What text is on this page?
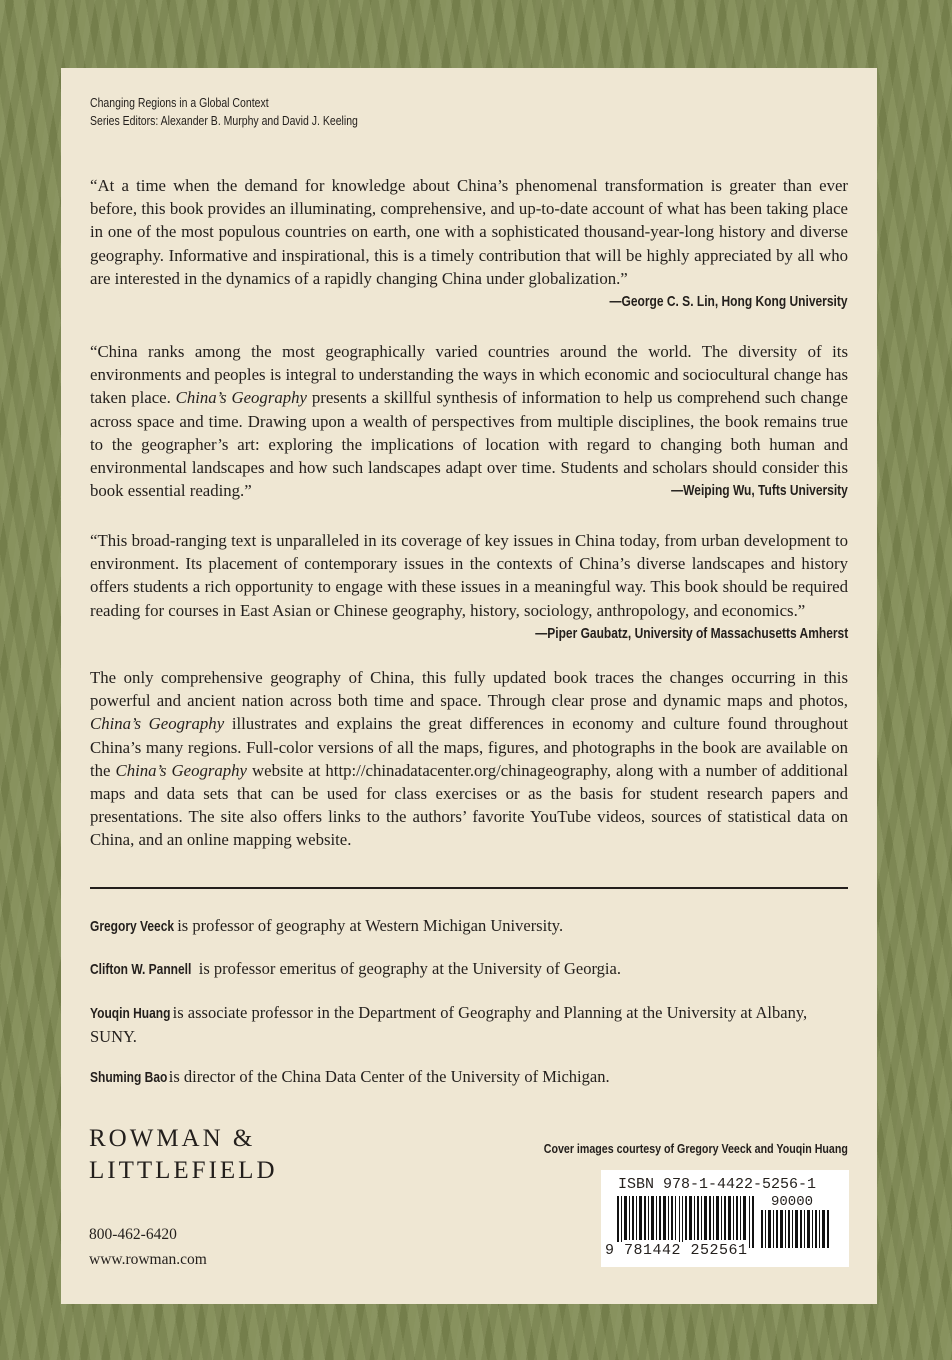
Changing Regions in a Global Context
Series Editors: Alexander B. Murphy and David J. Keeling
“At a time when the demand for knowledge about China’s phenomenal transformation is greater than ever before, this book provides an illuminating, comprehensive, and up-to-date account of what has been taking place in one of the most populous countries on earth, one with a sophisticated thousand-year-long history and diverse geography. Informative and inspirational, this is a timely contribution that will be highly appreciated by all who are interested in the dynamics of a rapidly changing China under globalization.”
—George C. S. Lin, Hong Kong University
“China ranks among the most geographically varied countries around the world. The diversity of its environments and peoples is integral to understanding the ways in which economic and sociocultural change has taken place. China’s Geography presents a skillful synthesis of information to help us comprehend such change across space and time. Drawing upon a wealth of perspectives from multiple disciplines, the book remains true to the geographer’s art: exploring the implications of location with regard to changing both human and environmental landscapes and how such landscapes adapt over time. Students and scholars should consider this book essential reading.”	—Weiping Wu, Tufts University
“This broad-ranging text is unparalleled in its coverage of key issues in China today, from urban development to environment. Its placement of contemporary issues in the contexts of China’s diverse landscapes and history offers students a rich opportunity to engage with these issues in a meaningful way. This book should be required reading for courses in East Asian or Chinese geography, history, sociology, anthropology, and economics.”
—Piper Gaubatz, University of Massachusetts Amherst
The only comprehensive geography of China, this fully updated book traces the changes occurring in this powerful and ancient nation across both time and space. Through clear prose and dynamic maps and photos, China’s Geography illustrates and explains the great differences in economy and culture found throughout China’s many regions. Full-color versions of all the maps, figures, and photographs in the book are available on the China’s Geography website at http://chinadatacenter.org/chinageography, along with a number of additional maps and data sets that can be used for class exercises or as the basis for student research papers and presentations. The site also offers links to the authors’ favorite YouTube videos, sources of statistical data on China, and an online mapping website.
Gregory Veeck is professor of geography at Western Michigan University.
Clifton W. Pannell is professor emeritus of geography at the University of Georgia.
Youqin Huang is associate professor in the Department of Geography and Planning at the University at Albany, SUNY.
Shuming Bao is director of the China Data Center of the University of Michigan.
Cover images courtesy of Gregory Veeck and Youqin Huang
ROWMAN &
LITTLEFIELD
800-462-6420
www.rowman.com
ISBN 978-1-4422-5256-1
90000
9 781442 252561
